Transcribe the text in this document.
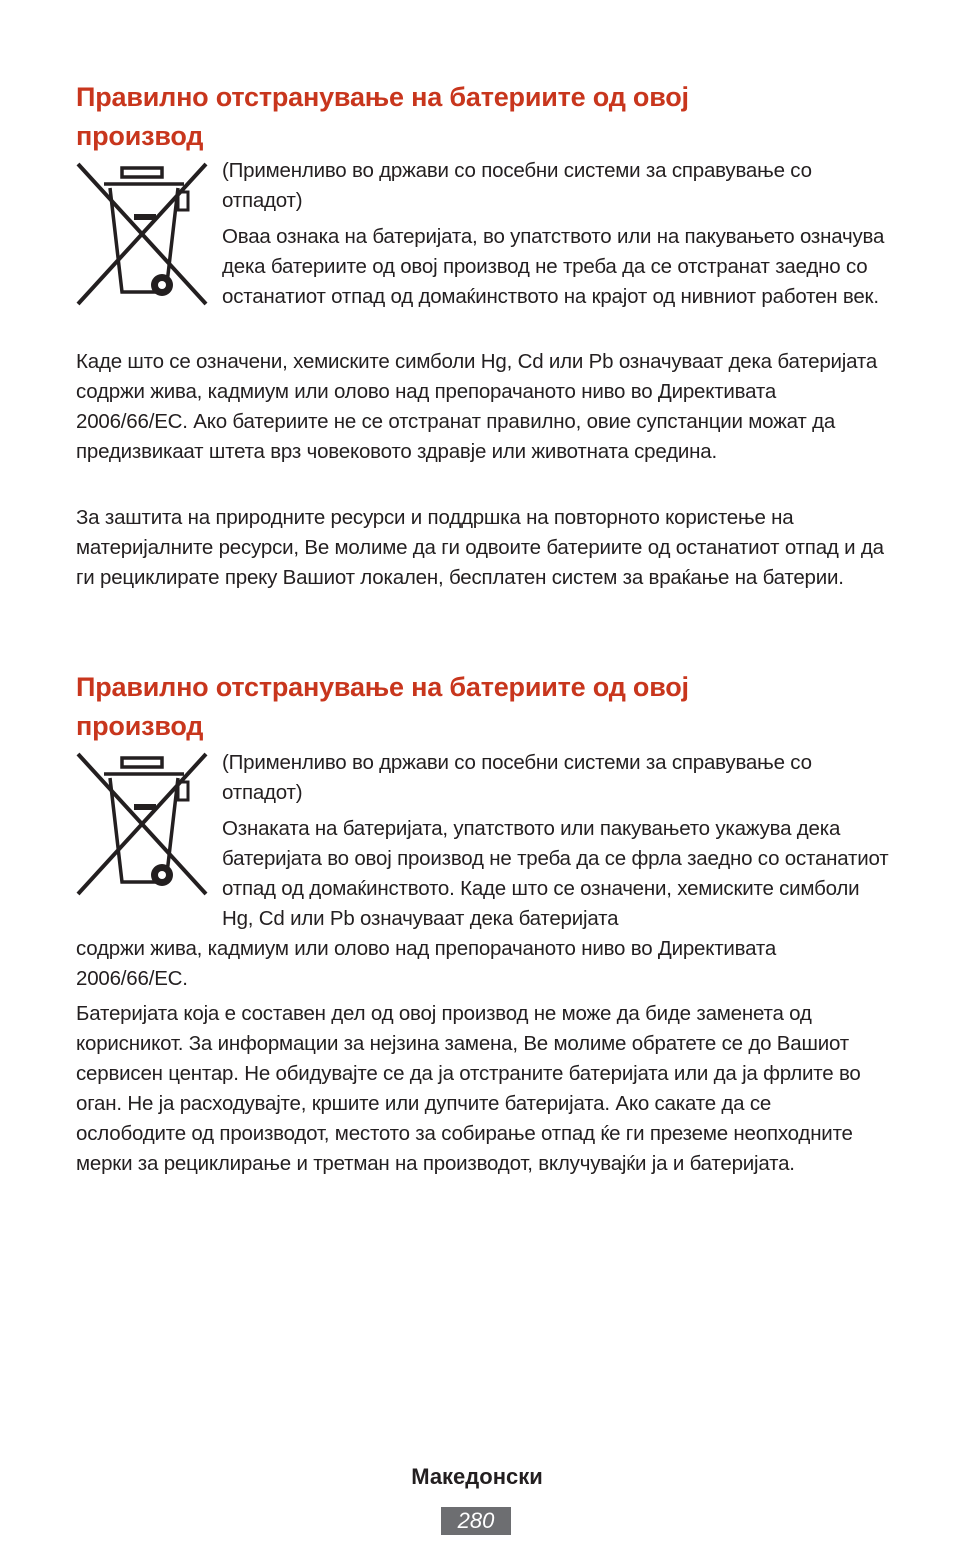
Правилно отстранување на батериите од овој
производ

(Применливо во држави со посебни системи за справување со отпадот)

Оваа ознака на батеријата, во упатството или на пакувањето означува дека батериите од овој производ не треба да се отстранат заедно со останатиот отпад од домаќинството на крајот од нивниот работен век.

Каде што се означени, хемиските симболи Hg, Cd или Pb означуваат дека батеријата содржи жива, кадмиум или олово над препорачаното ниво во Директивата 2006/66/EC. Ако батериите не се отстранат правилно, овие супстанции можат да предизвикаат штета врз човековото здравје или животната средина.

За заштита на природните ресурси и поддршка на повторното користење на материјалните ресурси, Ве молиме да ги одвоите батериите од останатиот отпад и да ги рециклирате преку Вашиот локален, бесплатен систем за враќање на батерии.

Правилно отстранување на батериите од овој
производ

(Применливо во држави со посебни системи за справување со отпадот)

Ознаката на батеријата, упатството или пакувањето укажува дека батеријата во овој производ не треба да се фрла заедно со останатиот отпад од домаќинството. Каде што се означени, хемиските симболи Hg, Cd или Pb означуваат дека батеријата

содржи жива, кадмиум или олово над препорачаното ниво во Директивата 2006/66/EC.

Батеријата која е составен дел од овој производ не може да биде заменета од корисникот. За информации за нејзина замена, Ве молиме обратете се до Вашиот сервисен центар. Не обидувајте се да ја отстраните батеријата или да ја фрлите во оган. Не ја расходувајте, кршите или дупчите батеријата. Ако сакате да се ослободите од производот, местото за собирање отпад ќе ги преземе неопходните мерки за рециклирање и третман на производот, вклучувајќи ја и батеријата.

Македонски
280
